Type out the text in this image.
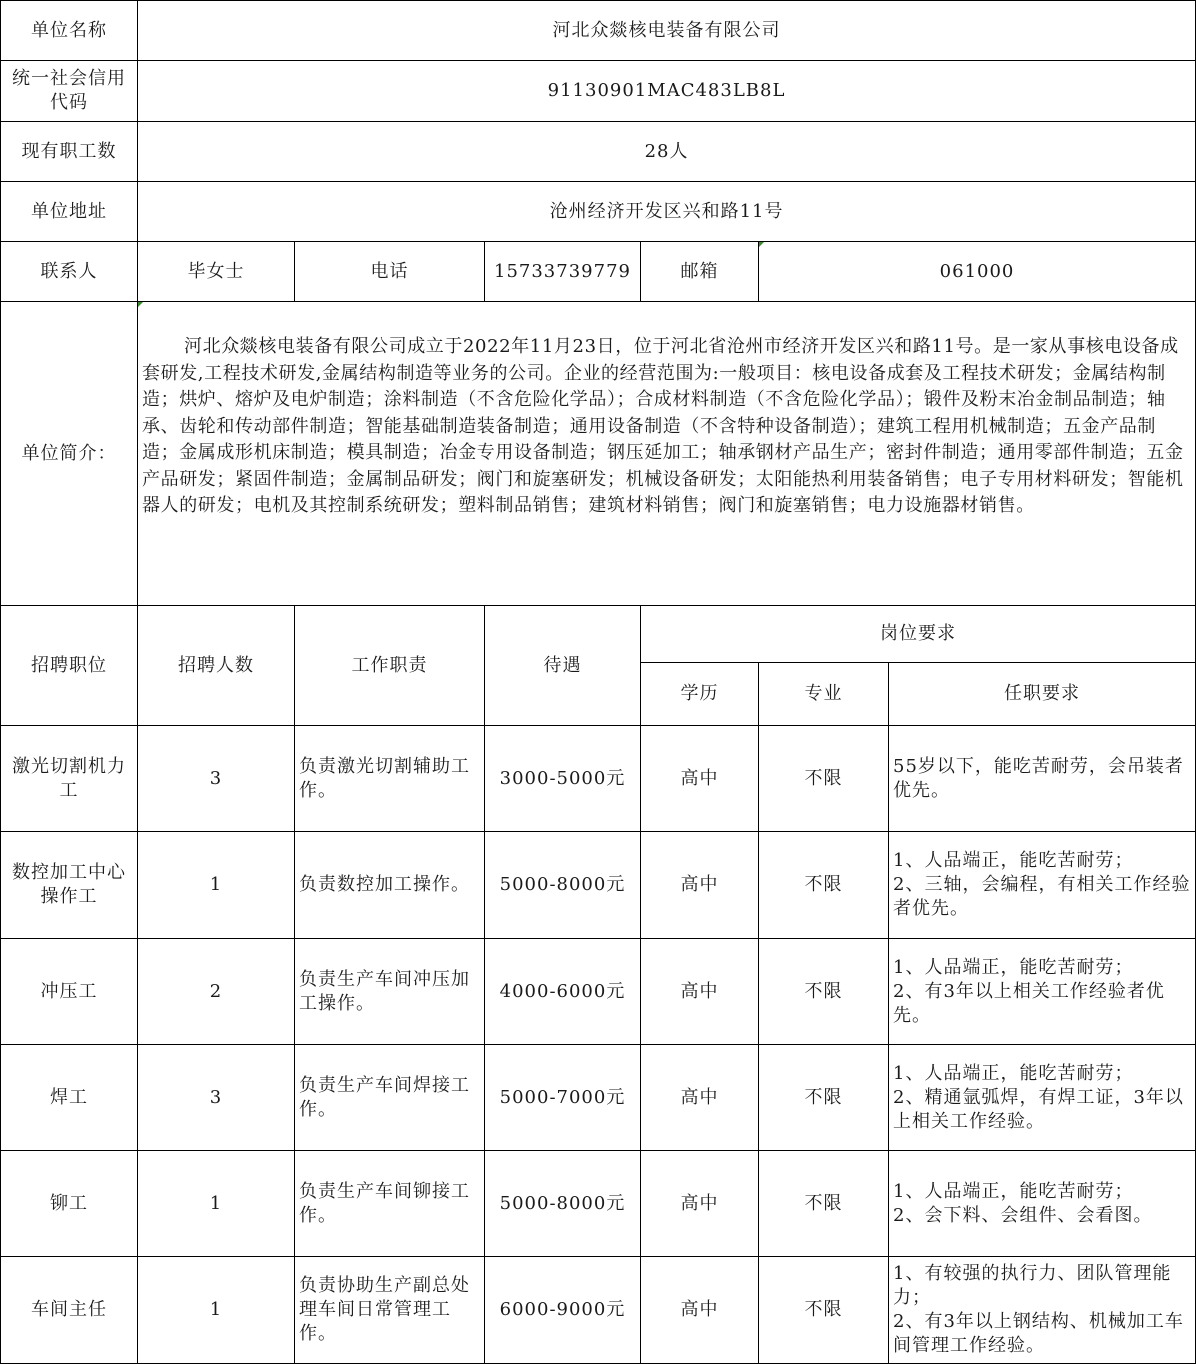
单位名称	河北众燚核电装备有限公司					
统一社会信用代码	91130901MAC483LB8L					
现有职工数	28人					
单位地址	沧州经济开发区兴和路11号					
联系人	毕女士	电话	15733739779	邮箱	061000	
单位简介：	河北众燚核电装备有限公司成立于2022年11月23日，位于河北省沧州市经济开发区兴和路11号。是一家从事核电设备成套研发,工程技术研发,金属结构制造等业务的公司。企业的经营范围为:一般项目：核电设备成套及工程技术研发；金属结构制造；烘炉、熔炉及电炉制造；涂料制造（不含危险化学品）；合成材料制造（不含危险化学品）；锻件及粉末冶金制品制造；轴承、齿轮和传动部件制造；智能基础制造装备制造；通用设备制造（不含特种设备制造）；建筑工程用机械制造；五金产品制造；金属成形机床制造；模具制造；冶金专用设备制造；钢压延加工；轴承钢材产品生产；密封件制造；通用零部件制造；五金产品研发；紧固件制造；金属制品研发；阀门和旋塞研发；机械设备研发；太阳能热利用装备销售；电子专用材料研发；智能机器人的研发；电机及其控制系统研发；塑料制品销售；建筑材料销售；阀门和旋塞销售；电力设施器材销售。					
招聘职位	招聘人数	工作职责	待遇	岗位要求		
				学历	专业	任职要求
激光切割机力工	3	负责激光切割辅助工作。	3000-5000元	高中	不限	55岁以下，能吃苦耐劳，会吊装者优先。
数控加工中心操作工	1	负责数控加工操作。	5000-8000元	高中	不限	1、人品端正，能吃苦耐劳；
2、三轴，会编程，有相关工作经验者优先。
冲压工	2	负责生产车间冲压加工操作。	4000-6000元	高中	不限	1、人品端正，能吃苦耐劳；
2、有3年以上相关工作经验者优先。
焊工	3	负责生产车间焊接工作。	5000-7000元	高中	不限	1、人品端正，能吃苦耐劳；
2、精通氩弧焊，有焊工证，3年以上相关工作经验。
铆工	1	负责生产车间铆接工作。	5000-8000元	高中	不限	1、人品端正，能吃苦耐劳；
2、会下料、会组件、会看图。
车间主任	1	负责协助生产副总处理车间日常管理工作。	6000-9000元	高中	不限	1、有较强的执行力、团队管理能力；
2、有3年以上钢结构、机械加工车间管理工作经验。
